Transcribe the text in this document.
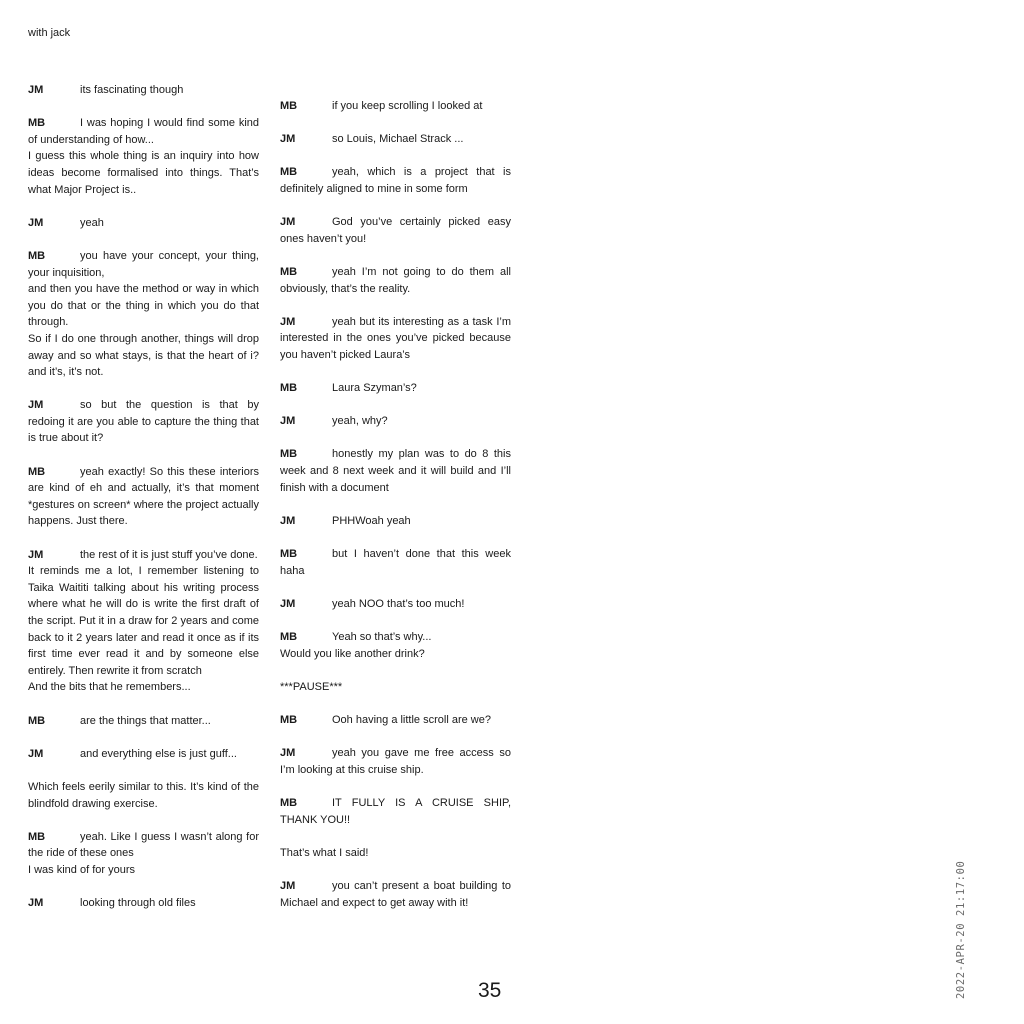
with jack

JM	its fascinating though

MB	I was hoping I would find some kind of understanding of how...

I guess this whole thing is an inquiry into how ideas become formalised into things. That’s what Major Project is..

JM	yeah

MB	you have your concept, your thing, your inquisition,

and then you have the method or way in which you do that or the thing in which you do that through.

So if I do one through another, things will drop away and so what stays, is that the heart of i? and it’s, it’s not.

JM	so but the question is that by redoing it are you able to capture the thing that is true about it?

MB	yeah exactly! So this these interiors are kind of eh and actually, it’s that moment *gestures on screen* where the project actually happens. Just there.

JM	the rest of it is just stuff you’ve done.

It reminds me a lot, I remember listening to Taika Waititi talking about his writing process where what he will do is write the first draft of the script. Put it in a draw for 2 years and come back to it 2 years later and read it once as if its first time ever read it and by someone else entirely. Then rewrite it from scratch

And the bits that he remembers...

MB	are the things that matter...

JM	and everything else is just guff...

Which feels eerily similar to this. It’s kind of the blindfold drawing exercise.

MB	yeah. Like I guess I wasn’t along for the ride of these ones

I was kind of for yours

JM	looking through old files

MB	if you keep scrolling I looked at

JM	so Louis, Michael Strack ...

MB	yeah, which is a project that is definitely aligned to mine in some form

JM	God you’ve certainly picked easy ones haven’t you!

MB	yeah I’m not going to do them all obviously, that’s the reality.

JM	yeah but its interesting as a task I’m interested in the ones you’ve picked because you haven’t picked Laura’s

MB	Laura Szyman’s?

JM	yeah, why?

MB	honestly my plan was to do 8 this week and 8 next week and it will build and I’ll finish with a document

JM	PHHWoah yeah

MB	but I haven’t done that this week haha

JM	yeah NOO that’s too much!

MB	Yeah so that’s why...

Would you like another drink?

***PAUSE***

MB	Ooh having a little scroll are we?

JM	yeah you gave me free access so I’m looking at this cruise ship.

MB	IT FULLY IS A CRUISE SHIP, THANK YOU!!

That’s what I said!

JM	you can’t present a boat building to Michael and expect to get away with it!

35	2022-APR-20 21:17:00
